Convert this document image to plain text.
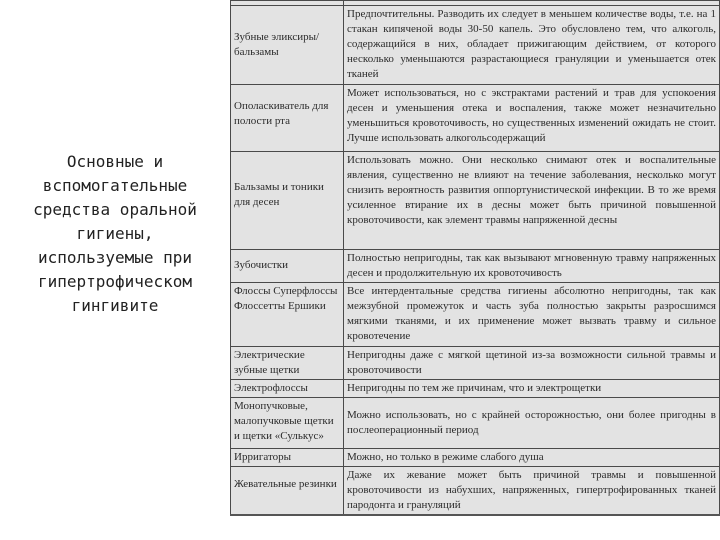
Основные и
вспомогательные
средства оральной
гигиены,
используемые при
гипертрофическом
гингивите

Зубные эликсиры/бальзамы	Предпочтительны. Разводить их следует в меньшем количестве воды, т.е. на 1 стакан кипяченой воды 30-50 капель. Это обусловлено тем, что алкоголь, содержащийся в них, обладает прижигающим действием, от которого несколько уменьшаются разрастающиеся грануляции и уменьшается отек тканей
Ополаскиватель для полости рта	Может использоваться, но с экстрактами растений и трав для успокоения десен и уменьшения отека и воспаления, также может незначительно уменьшиться кровоточивость, но существенных изменений ожидать не стоит. Лучше использовать алкогольсодержащий
Бальзамы и тоники для десен	Использовать можно. Они несколько снимают отек и воспалительные явления, существенно не влияют на течение заболевания, несколько могут снизить вероятность развития оппортунистической инфекции. В то же время усиленное втирание их в десны может быть причиной повышенной кровоточивости, как элемент травмы напряженной десны
Зубочистки	Полностью непригодны, так как вызывают мгновенную травму напряженных десен и продолжительную их кровоточивость
Флоссы Суперфлоссы Флоссетты Ершики	Все интердентальные средства гигиены абсолютно непригодны, так как межзубной промежуток и часть зуба полностью закрыты разросшимся мягкими тканями, и их применение может вызвать травму и сильное кровотечение
Электрические зубные щетки	Непригодны даже с мягкой щетиной из-за возможности сильной травмы и кровоточивости
Электрофлоссы	Непригодны по тем же причинам, что и электрощетки
Монопучковые, малопучковые щетки и щетки «Сулькус»	Можно использовать, но с крайней осторожностью, они более пригодны в послеоперационный период
Ирригаторы	Можно, но только в режиме слабого душа
Жевательные резинки	Даже их жевание может быть причиной травмы и повышенной кровоточивости из набухших, напряженных, гипертрофированных тканей пародонта и грануляций
